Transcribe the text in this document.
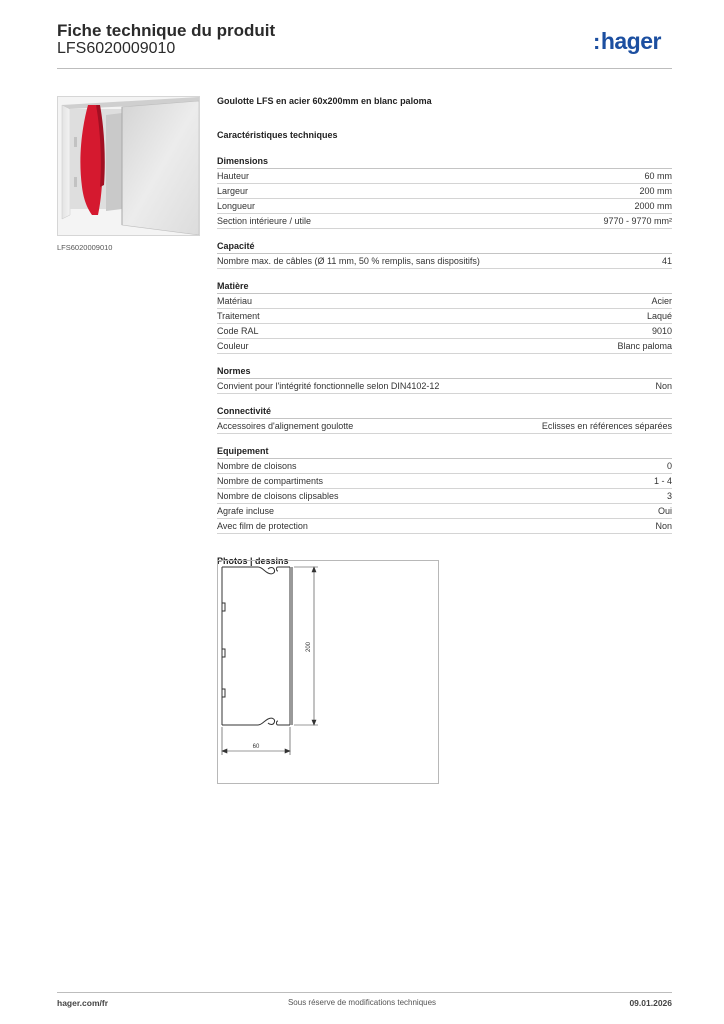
Fiche technique du produit
LFS6020009010	:hager
LFS6020009010
Goulotte LFS en acier 60x200mm en blanc paloma
Caractéristiques techniques
Dimensions
Hauteur	60 mm
Largeur	200 mm
Longueur	2000 mm
Section intérieure / utile	9770 - 9770 mm²
Capacité
Nombre max. de câbles (Ø 11 mm, 50 % remplis, sans dispositifs)	41
Matière
Matériau	Acier
Traitement	Laqué
Code RAL	9010
Couleur	Blanc paloma
Normes
Convient pour l'intégrité fonctionnelle selon DIN4102-12	Non
Connectivité
Accessoires d'alignement goulotte	Eclisses en références séparées
Equipement
Nombre de cloisons	0
Nombre de compartiments	1 - 4
Nombre de cloisons clipsables	3
Agrafe incluse	Oui
Avec film de protection	Non
Photos | dessins
200
60
hager.com/fr	Sous réserve de modifications techniques	09.01.2026
